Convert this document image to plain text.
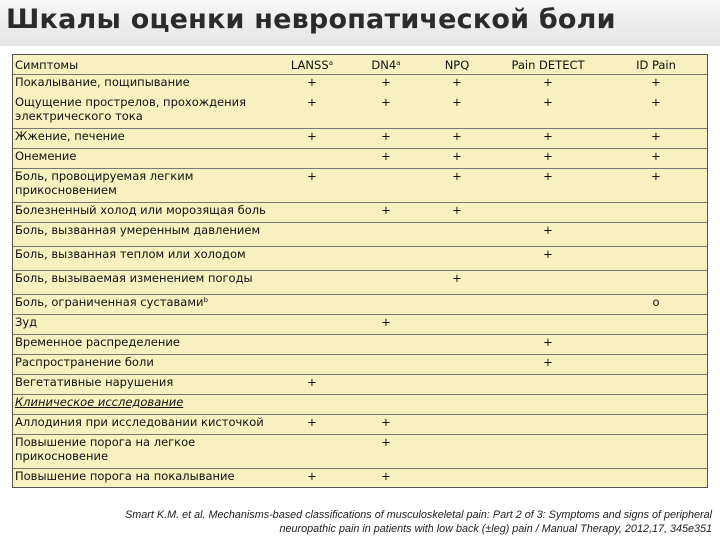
Шкалы оценки невропатической боли
Симптомы	LANSSᵃ	DN4ᵃ	NPQ	Pain DETECT	ID Pain
Покалывание, пощипывание	+	+	+	+	+
Ощущение прострелов, прохождения электрического тока	+	+	+	+	+
Жжение, печение	+	+	+	+	+
Онемение		+	+	+	+
Боль, провоцируемая легким прикосновением	+		+	+	+
Болезненный холод или морозящая боль		+	+		
Боль, вызванная умеренным давлением				+	
Боль, вызванная теплом или холодом				+	
Боль, вызываемая изменением погоды			+		
Боль, ограниченная суставамиᵇ					o
Зуд		+			
Временное распределение				+	
Распространение боли				+	
Вегетативные нарушения	+				
Клиническое исследование					
Аллодиния при исследовании кисточкой	+	+			
Повышение порога на легкое прикосновение		+			
Повышение порога на покалывание	+	+			
Smart K.M. et al. Mechanisms-based classifications of musculoskeletal pain: Part 2 of 3: Symptoms and signs of peripheral
neuropathic pain in patients with low back (±leg) pain / Manual Therapy, 2012,17, 345e351
